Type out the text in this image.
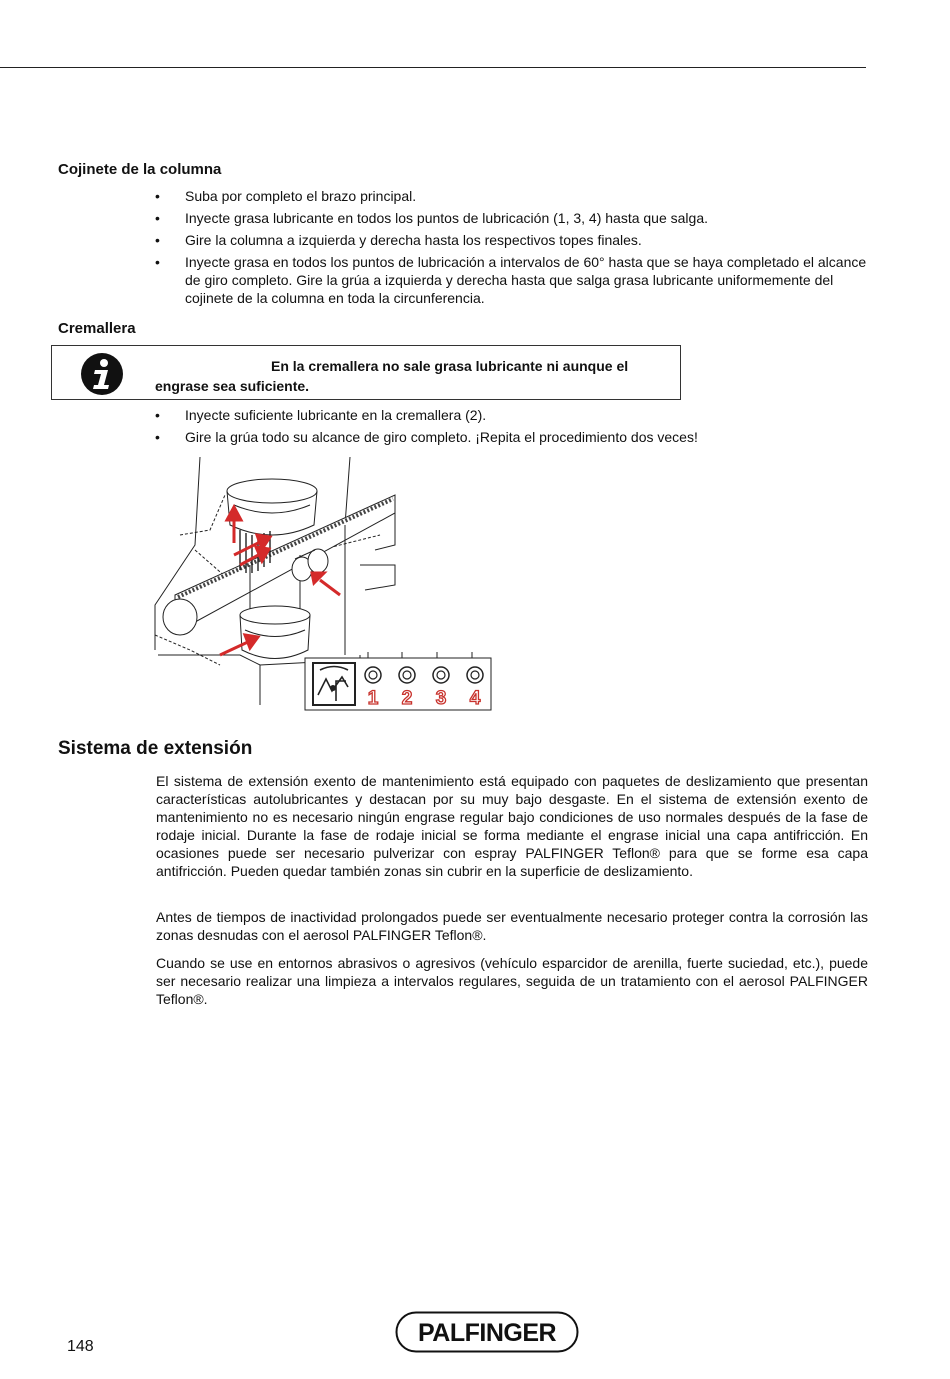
Cojinete de la columna
• Suba por completo el brazo principal.
• Inyecte grasa lubricante en todos los puntos de lubricación (1, 3, 4) hasta que salga.
• Gire la columna a izquierda y derecha hasta los respectivos topes finales.
• Inyecte grasa en todos los puntos de lubricación a intervalos de 60° hasta que se haya completado el alcance de giro completo. Gire la grúa a izquierda y derecha hasta que salga grasa lubricante uniformemente del cojinete de la columna en toda la circunferencia.
Cremallera
En la cremallera no sale grasa lubricante ni aunque el engrase sea suficiente.
• Inyecte suficiente lubricante en la cremallera (2).
• Gire la grúa todo su alcance de giro completo. ¡Repita el procedimiento dos veces!
1 2 3 4
Sistema de extensión

El sistema de extensión exento de mantenimiento está equipado con paquetes de deslizamiento que presentan características autolubricantes y destacan por su muy bajo desgaste. En el sistema de extensión exento de mantenimiento no es necesario ningún engrase regular bajo condiciones de uso normales después de la fase de rodaje inicial. Durante la fase de rodaje inicial se forma mediante el engrase inicial una capa antifricción. En ocasiones puede ser necesario pulverizar con espray PALFINGER Teflon® para que se forme esa capa antifricción. Pueden quedar también zonas sin cubrir en la superficie de deslizamiento.

Antes de tiempos de inactividad prolongados puede ser eventualmente necesario proteger contra la corrosión las zonas desnudas con el aerosol PALFINGER Teflon®.

Cuando se use en entornos abrasivos o agresivos (vehículo esparcidor de arenilla, fuerte suciedad, etc.), puede ser necesario realizar una limpieza a intervalos regulares, seguida de un tratamiento con el aerosol PALFINGER Teflon®.

148	PALFINGER
